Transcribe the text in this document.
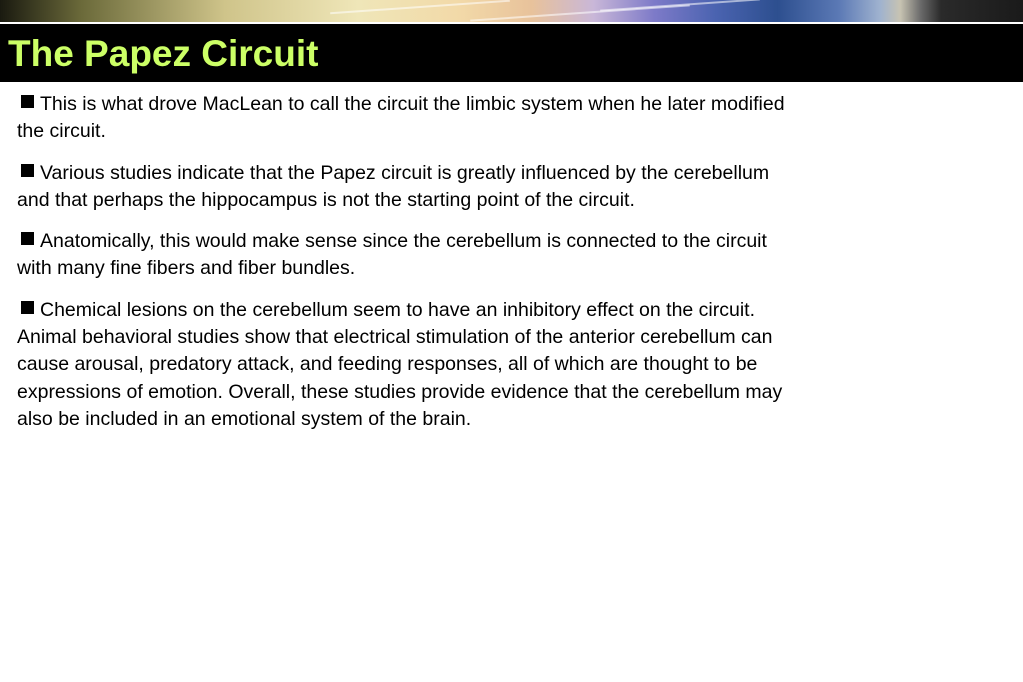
The Papez Circuit

This is what drove MacLean to call the circuit the limbic system when he later modified the circuit.

Various studies indicate that the Papez circuit is greatly influenced by the cerebellum and that perhaps the hippocampus is not the starting point of the circuit.

Anatomically, this would make sense since the cerebellum is connected to the circuit with many fine fibers and fiber bundles.

Chemical lesions on the cerebellum seem to have an inhibitory effect on the circuit. Animal behavioral studies show that electrical stimulation of the anterior cerebellum can cause arousal, predatory attack, and feeding responses, all of which are thought to be expressions of emotion. Overall, these studies provide evidence that the cerebellum may also be included in an emotional system of the brain.
